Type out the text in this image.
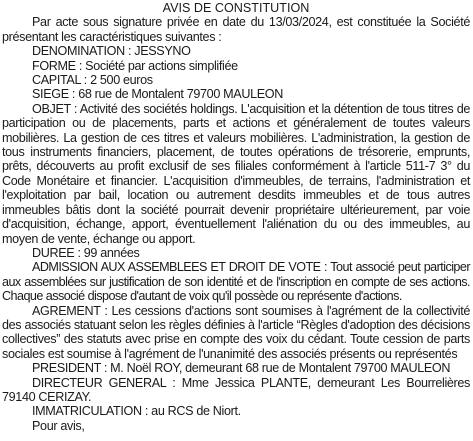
AVIS DE CONSTITUTION

Par acte sous signature privée en date du 13/03/2024, est constituée la Société présentant les caractéristiques suivantes :

DENOMINATION : JESSYNO

FORME : Société par actions simplifiée

CAPITAL : 2 500 euros

SIEGE : 68 rue de Montalent 79700 MAULEON

OBJET : Activité des sociétés holdings. L'acquisition et la détention de tous titres de participation ou de placements, parts et actions et généralement de toutes valeurs mobilières. La gestion de ces titres et valeurs mobilières. L'administration, la gestion de tous instruments financiers, placement, de toutes opérations de trésorerie, emprunts, prêts, découverts au profit exclusif de ses filiales conformément à l'article 511-7 3° du Code Monétaire et financier. L'acquisition d'immeubles, de terrains, l'administration et l'exploitation par bail, location ou autrement desdits immeubles et de tous autres immeubles bâtis dont la société pourrait devenir propriétaire ultérieurement, par voie d'acquisition, échange, apport, éventuellement l'aliénation du ou des immeubles, au moyen de vente, échange ou apport.

DUREE : 99 années

ADMISSION AUX ASSEMBLEES ET DROIT DE VOTE : Tout associé peut participer aux assemblées sur justification de son identité et de l'inscription en compte de ses actions. Chaque associé dispose d'autant de voix qu'il possède ou représente d'actions.

AGREMENT : Les cessions d'actions sont soumises à l'agrément de la collectivité des associés statuant selon les règles définies à l'article “Règles d'adoption des décisions collectives” des statuts avec prise en compte des voix du cédant. Toute cession de parts sociales est soumise à l'agrément de l'unanimité des associés présents ou représentés

PRESIDENT : M. Noël ROY, demeurant 68 rue de Montalent 79700 MAULEON

DIRECTEUR GENERAL : Mme Jessica PLANTE, demeurant Les Bourrelières 79140 CERIZAY.

IMMATRICULATION : au RCS de Niort.

Pour avis,
